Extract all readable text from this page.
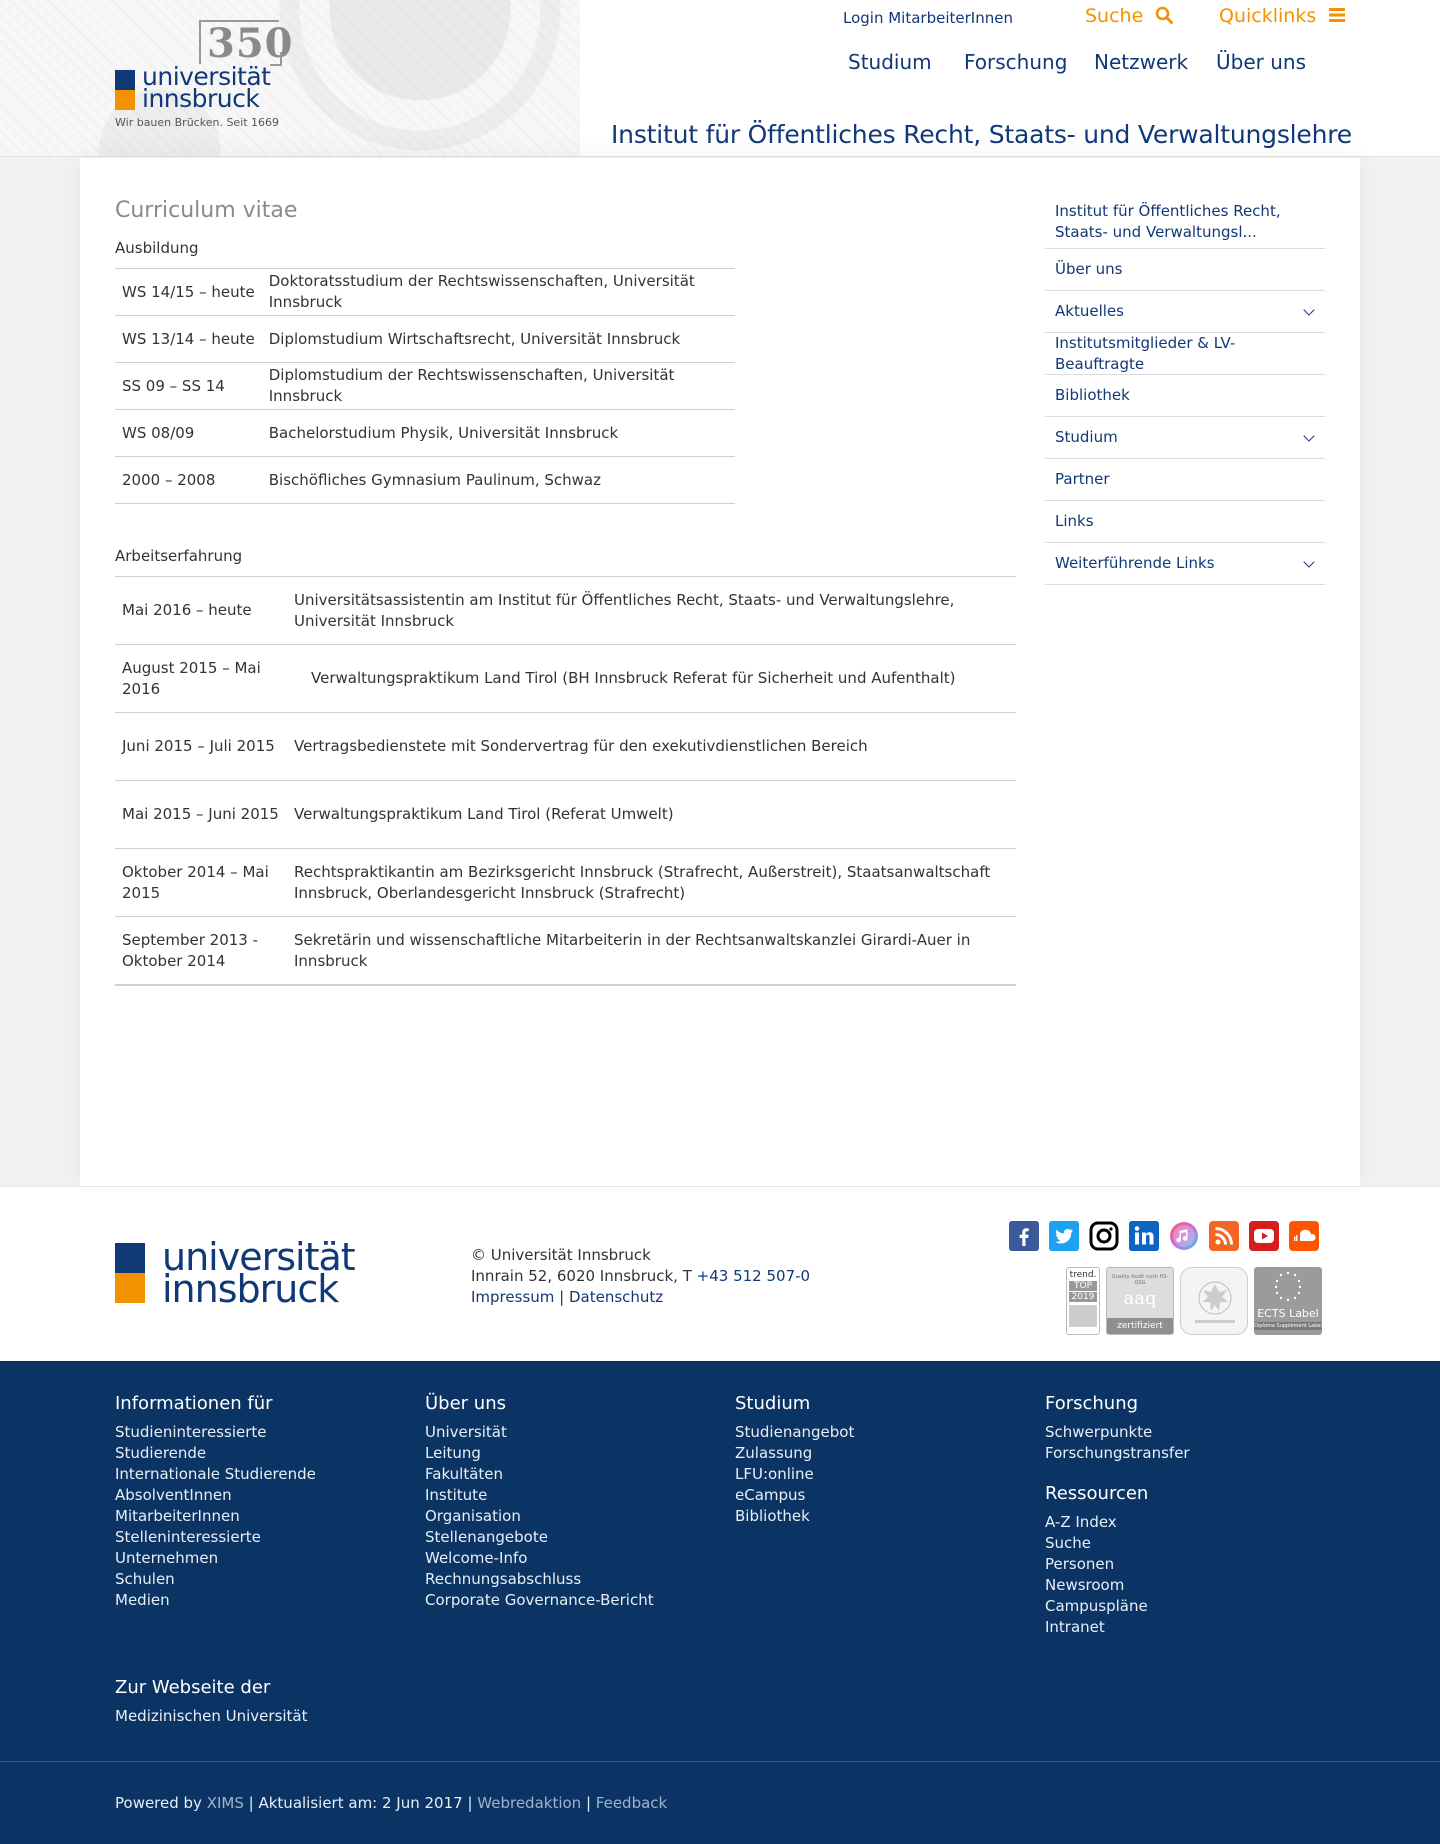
350
universität
innsbruck
Wir bauen Brücken. Seit 1669
Login MitarbeiterInnen	Suche	Quicklinks
Studium Forschung Netzwerk Über uns
Institut für Öffentliches Recht, Staats- und Verwaltungslehre
Curriculum vitae
Ausbildung
WS 14/15 – heute	Doktoratsstudium der Rechtswissenschaften, Universität Innsbruck
WS 13/14 – heute	Diplomstudium Wirtschaftsrecht, Universität Innsbruck
SS 09 – SS 14	Diplomstudium der Rechtswissenschaften, Universität Innsbruck
WS 08/09	Bachelorstudium Physik, Universität Innsbruck
2000 – 2008	Bischöfliches Gymnasium Paulinum, Schwaz
Arbeitserfahrung
Mai 2016 – heute	Universitätsassistentin am Institut für Öffentliches Recht, Staats- und Verwaltungslehre, Universität Innsbruck
August 2015 – Mai 2016	Verwaltungspraktikum Land Tirol (BH Innsbruck Referat für Sicherheit und Aufenthalt)
Juni 2015 – Juli 2015	Vertragsbedienstete mit Sondervertrag für den exekutivdienstlichen Bereich
Mai 2015 – Juni 2015	Verwaltungspraktikum Land Tirol (Referat Umwelt)
Oktober 2014 – Mai 2015	Rechtspraktikantin am Bezirksgericht Innsbruck (Strafrecht, Außerstreit), Staatsanwaltschaft Innsbruck, Oberlandesgericht Innsbruck (Strafrecht)
September 2013 - Oktober 2014	Sekretärin und wissenschaftliche Mitarbeiterin in der Rechtsanwaltskanzlei Girardi-Auer in Innsbruck
Institut für Öffentliches Recht, Staats- und Verwaltungsl...
Über uns
Aktuelles
Institutsmitglieder & LV-Beauftragte
Bibliothek
Studium
Partner
Links
Weiterführende Links
universität
innsbruck
© Universität Innsbruck
Innrain 52, 6020 Innsbruck, T +43 512 507-0
Impressum | Datenschutz
trend.
TOP
2019
Quality Audit nach HS-QSG
aaq
zertifiziert
ECTS Label
Diploma Supplement Label
Informationen für
Studieninteressierte
Studierende
Internationale Studierende
AbsolventInnen
MitarbeiterInnen
Stelleninteressierte
Unternehmen
Schulen
Medien
Über uns
Universität
Leitung
Fakultäten
Institute
Organisation
Stellenangebote
Welcome-Info
Rechnungsabschluss
Corporate Governance-Bericht
Studium
Studienangebot
Zulassung
LFU:online
eCampus
Bibliothek
Forschung
Schwerpunkte
Forschungstransfer
Ressourcen
A-Z Index
Suche
Personen
Newsroom
Campuspläne
Intranet
Zur Webseite der
Medizinischen Universität
Powered by XIMS | Aktualisiert am: 2 Jun 2017 | Webredaktion | Feedback
